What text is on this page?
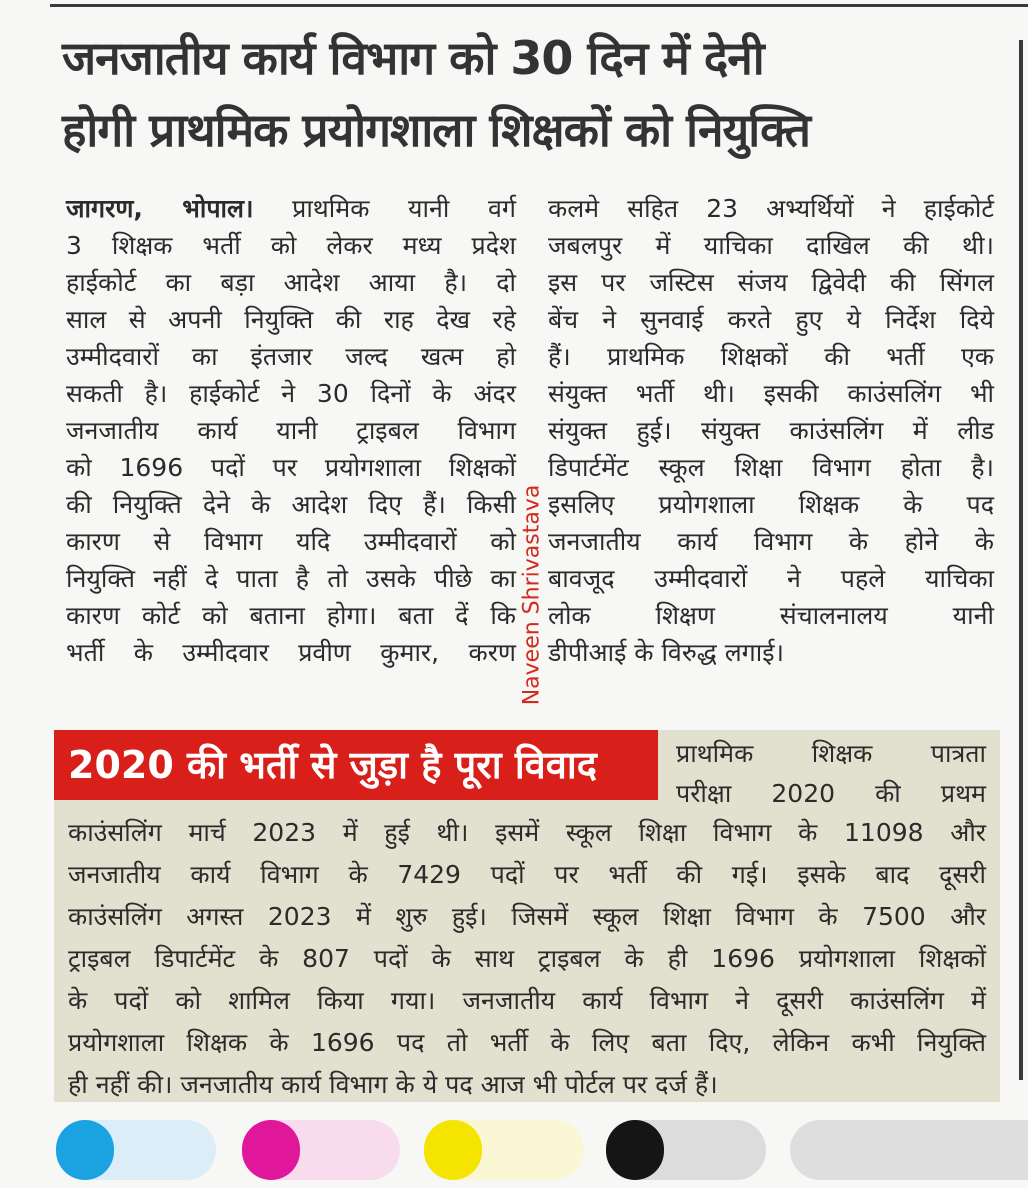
जनजातीय कार्य विभाग को 30 दिन में देनी
होगी प्राथमिक प्रयोगशाला शिक्षकों को नियुक्ति
जागरण, भोपाल। प्राथमिक यानी वर्ग
3 शिक्षक भर्ती को लेकर मध्य प्रदेश
हाईकोर्ट का बड़ा आदेश आया है। दो
साल से अपनी नियुक्ति की राह देख रहे
उम्मीदवारों का इंतजार जल्द खत्म हो
सकती है। हाईकोर्ट ने 30 दिनों के अंदर
जनजातीय कार्य यानी ट्राइबल विभाग
को 1696 पदों पर प्रयोगशाला शिक्षकों
की नियुक्ति देने के आदेश दिए हैं। किसी
कारण से विभाग यदि उम्मीदवारों को
नियुक्ति नहीं दे पाता है तो उसके पीछे का
कारण कोर्ट को बताना होगा। बता दें कि
भर्ती के उम्मीदवार प्रवीण कुमार, करण
कलमे सहित 23 अभ्यर्थियों ने हाईकोर्ट
जबलपुर में याचिका दाखिल की थी।
इस पर जस्टिस संजय द्विवेदी की सिंगल
बेंच ने सुनवाई करते हुए ये निर्देश दिये
हैं। प्राथमिक शिक्षकों की भर्ती एक
संयुक्त भर्ती थी। इसकी काउंसलिंग भी
संयुक्त हुई। संयुक्त काउंसलिंग में लीड
डिपार्टमेंट स्कूल शिक्षा विभाग होता है।
इसलिए प्रयोगशाला शिक्षक के पद
जनजातीय कार्य विभाग के होने के
बावजूद उम्मीदवारों ने पहले याचिका
लोक शिक्षण संचालनालय यानी
डीपीआई के विरुद्ध लगाई।
Naveen Shrivastava
2020 की भर्ती से जुड़ा है पूरा विवाद	प्राथमिक शिक्षक पात्रता
परीक्षा 2020 की प्रथम
काउंसलिंग मार्च 2023 में हुई थी। इसमें स्कूल शिक्षा विभाग के 11098 और
जनजातीय कार्य विभाग के 7429 पदों पर भर्ती की गई। इसके बाद दूसरी
काउंसलिंग अगस्त 2023 में शुरु हुई। जिसमें स्कूल शिक्षा विभाग के 7500 और
ट्राइबल डिपार्टमेंट के 807 पदों के साथ ट्राइबल के ही 1696 प्रयोगशाला शिक्षकों
के पदों को शामिल किया गया। जनजातीय कार्य विभाग ने दूसरी काउंसलिंग में
प्रयोगशाला शिक्षक के 1696 पद तो भर्ती के लिए बता दिए, लेकिन कभी नियुक्ति
ही नहीं की। जनजातीय कार्य विभाग के ये पद आज भी पोर्टल पर दर्ज हैं।
